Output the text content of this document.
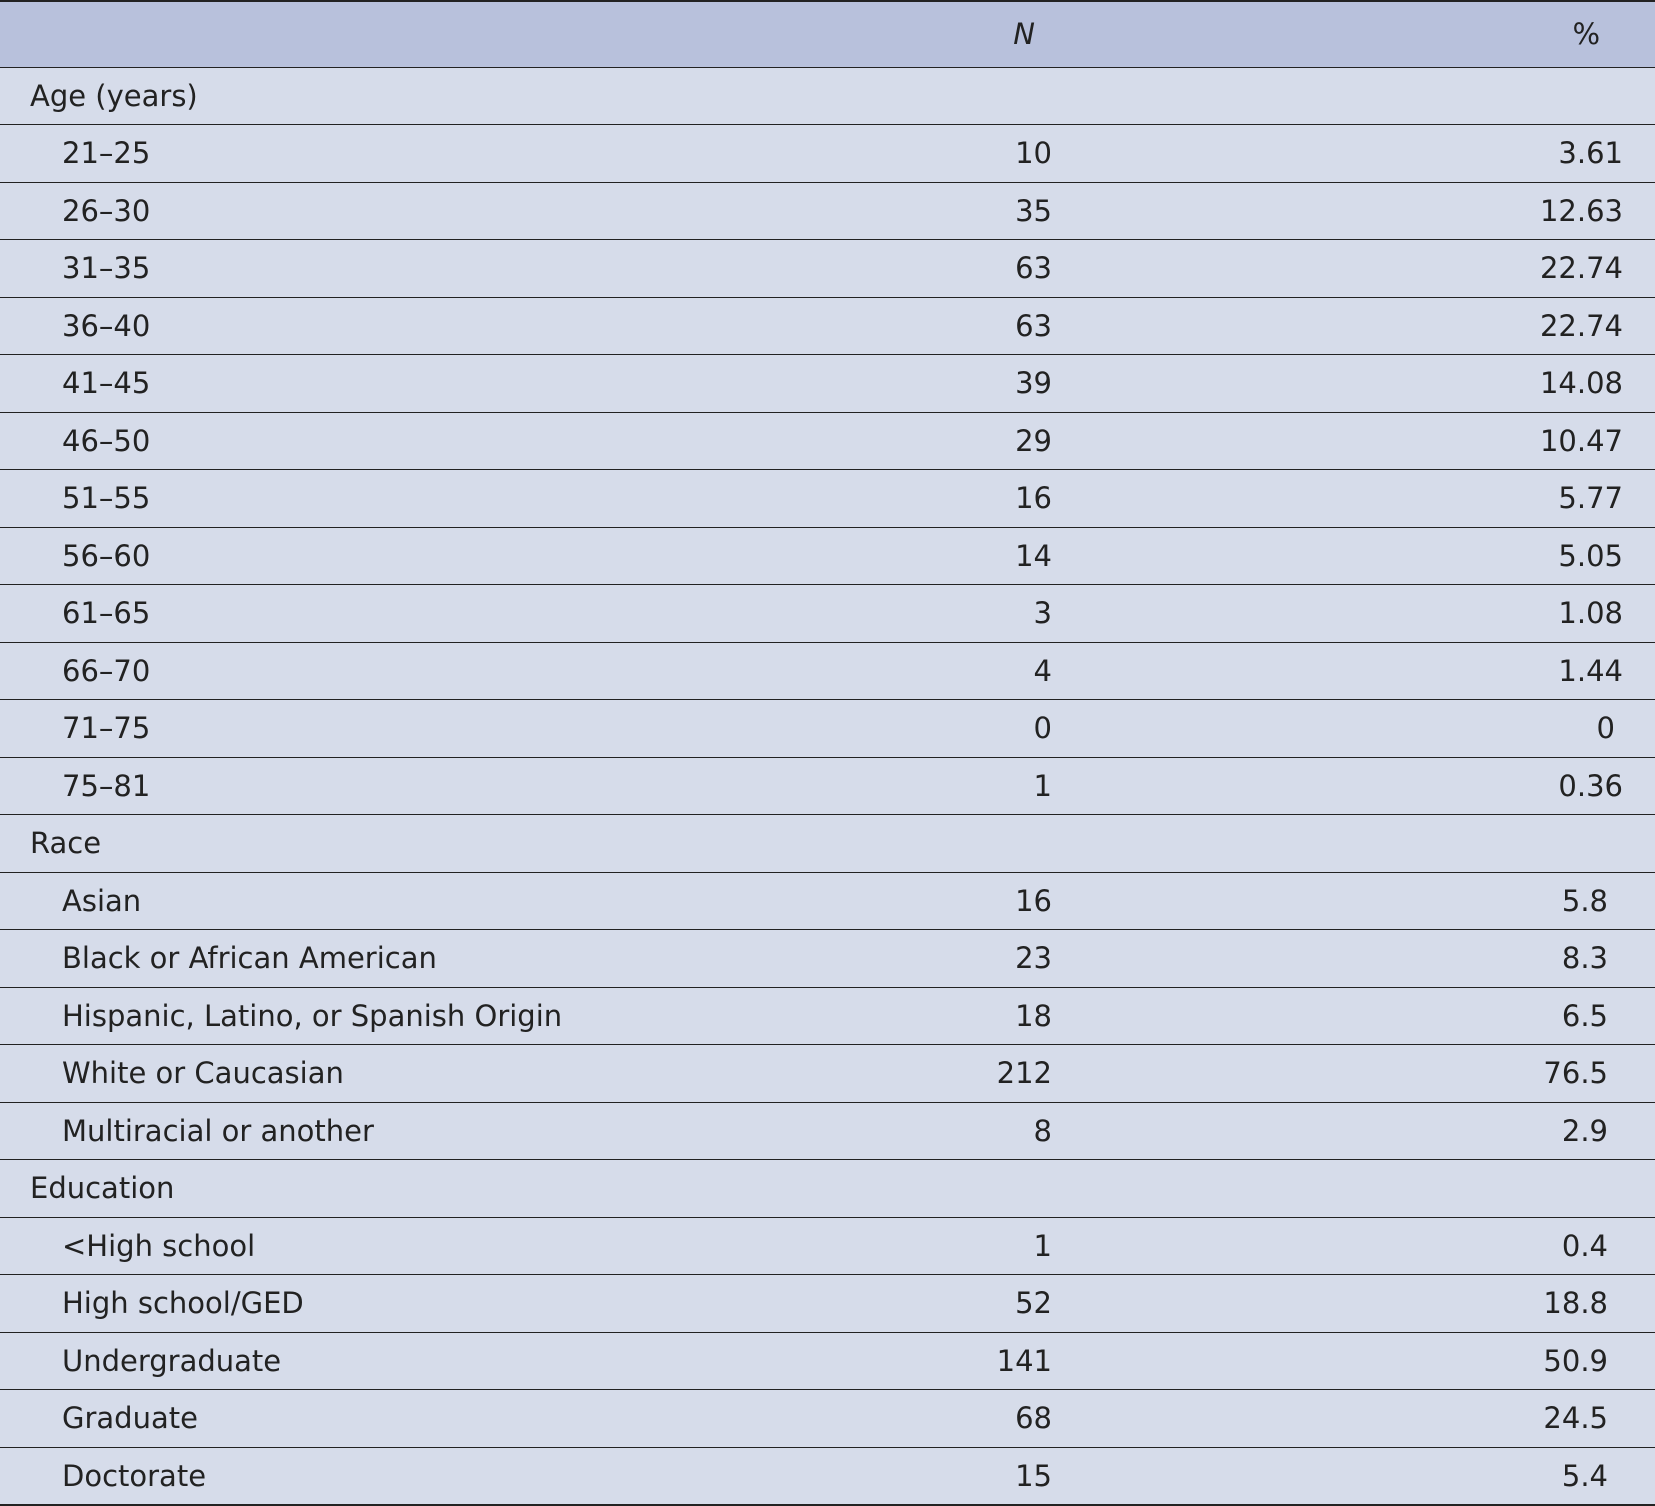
	N	%
Age (years)		
21–25	10	3.61
26–30	35	12.63
31–35	63	22.74
36–40	63	22.74
41–45	39	14.08
46–50	29	10.47
51–55	16	5.77
56–60	14	5.05
61–65	3	1.08
66–70	4	1.44
71–75	0	0
75–81	1	0.36
Race		
Asian	16	5.8
Black or African American	23	8.3
Hispanic, Latino, or Spanish Origin	18	6.5
White or Caucasian	212	76.5
Multiracial or another	8	2.9
Education		
<High school	1	0.4
High school/GED	52	18.8
Undergraduate	141	50.9
Graduate	68	24.5
Doctorate	15	5.4
